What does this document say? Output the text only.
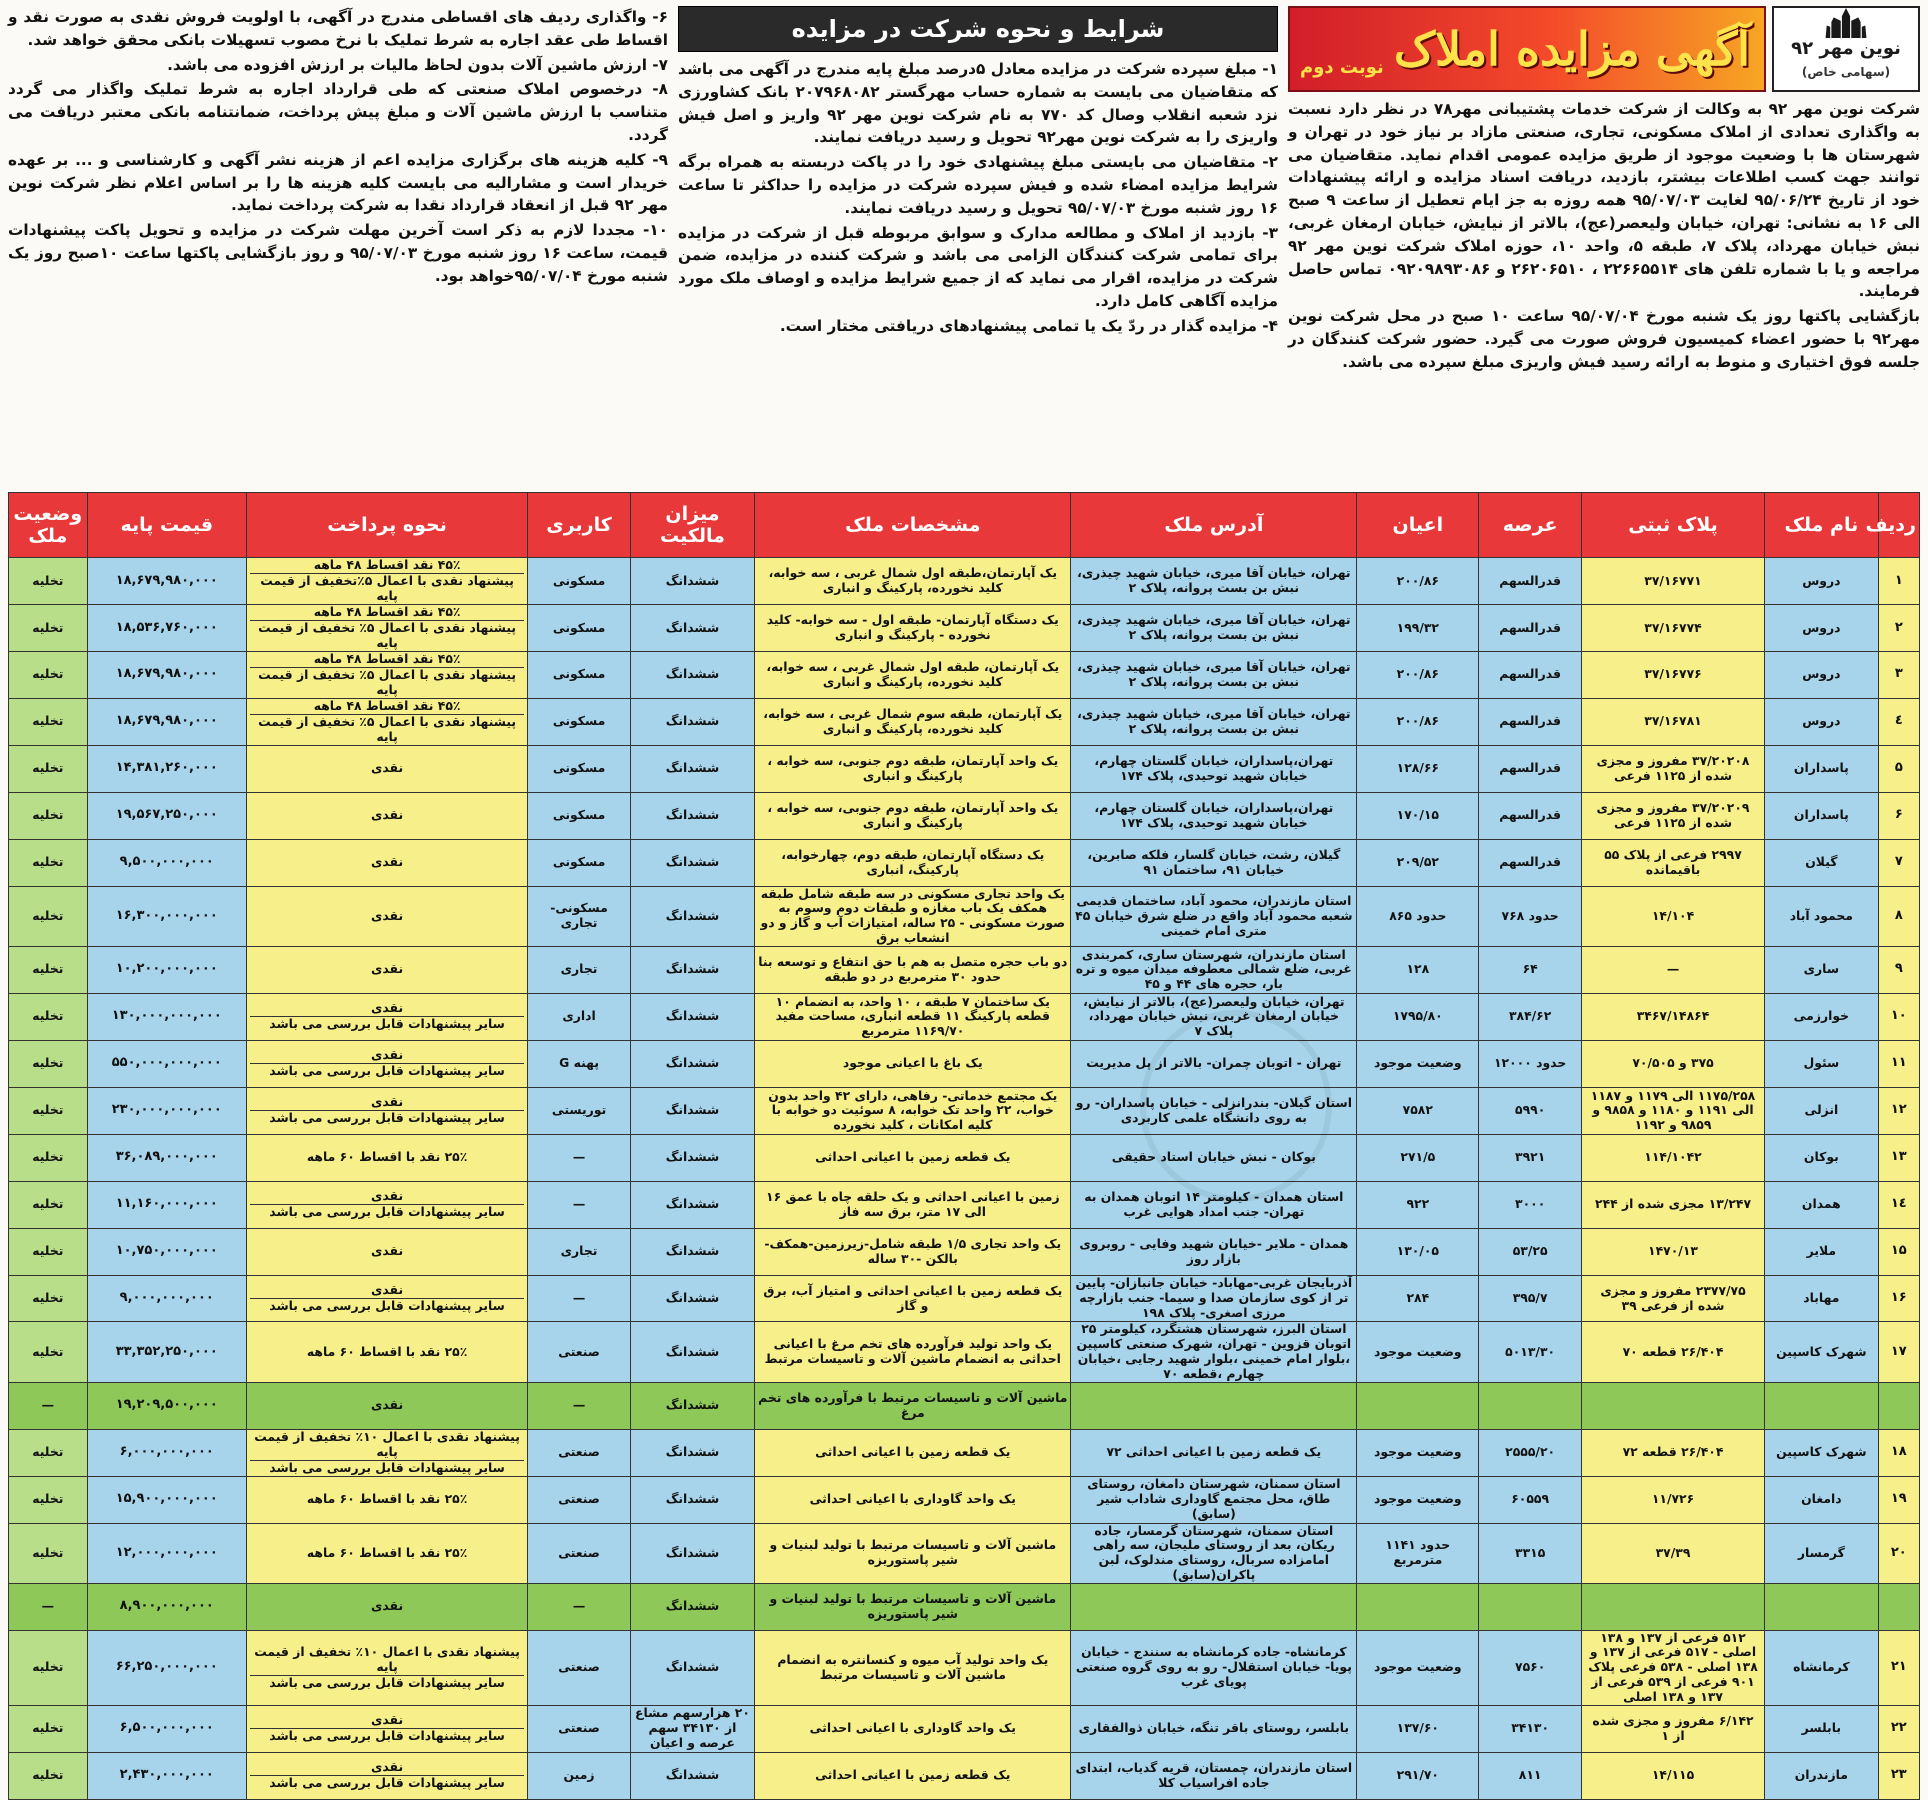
نوین مهر ۹۲
(سهامی خاص)
آگهی مزایده املاک
نوبت دوم

شرکت نوین مهر ۹۲ به وکالت از شرکت خدمات پشتیبانی مهر۷۸ در نظر دارد نسبت به واگذاری تعدادی از املاک مسکونی، تجاری، صنعتی مازاد بر نیاز خود در تهران و شهرستان ها با وضعیت موجود از طریق مزایده عمومی اقدام نماید. متقاضیان می توانند جهت کسب اطلاعات بیشتر، بازدید، دریافت اسناد مزایده و ارائه پیشنهادات خود از تاریخ ۹۵/۰۶/۲۴ لغایت ۹۵/۰۷/۰۳ همه روزه به جز ایام تعطیل از ساعت ۹ صبح الی ۱۶ به نشانی: تهران، خیابان ولیعصر(عج)، بالاتر از نیایش، خیابان ارمغان غربی، نبش خیابان مهرداد، پلاک ۷، طبقه ۵، واحد ۱۰، حوزه املاک شرکت نوین مهر ۹۲ مراجعه و یا با شماره تلفن های ۲۲۶۶۵۵۱۴ ، ۲۶۲۰۶۵۱۰ و ۰۹۲۰۹۸۹۳۰۸۶ تماس حاصل فرمایند.

بازگشایی پاکتها روز یک شنبه مورخ ۹۵/۰۷/۰۴ ساعت ۱۰ صبح در محل شرکت نوین مهر۹۲ با حضور اعضاء کمیسیون فروش صورت می گیرد. حضور شرکت کنندگان در جلسه فوق اختیاری و منوط به ارائه رسید فیش واریزی مبلغ سپرده می باشد.

شرایط و نحوه شرکت در مزایده

۱- مبلغ سپرده شرکت در مزایده معادل ۵درصد مبلغ پایه مندرج در آگهی می باشد که متقاضیان می بایست به شماره حساب مهرگستر ۲۰۷۹۶۸۰۸۲ بانک کشاورزی نزد شعبه انقلاب وصال کد ۷۷۰ به نام شرکت نوین مهر ۹۲ واریز و اصل فیش واریزی را به شرکت نوین مهر۹۲ تحویل و رسید دریافت نمایند.

۲- متقاضیان می بایستی مبلغ پیشنهادی خود را در پاکت دربسته به همراه برگه شرایط مزایده امضاء شده و فیش سپرده شرکت در مزایده را حداکثر تا ساعت ۱۶ روز شنبه مورخ ۹۵/۰۷/۰۳ تحویل و رسید دریافت نمایند.

۳- بازدید از املاک و مطالعه مدارک و سوابق مربوطه قبل از شرکت در مزایده برای تمامی شرکت کنندگان الزامی می باشد و شرکت کننده در مزایده، ضمن شرکت در مزایده، اقرار می نماید که از جمیع شرایط مزایده و اوصاف ملک مورد مزایده آگاهی کامل دارد.

۴- مزایده گذار در ردّ یک یا تمامی پیشنهادهای دریافتی مختار است.

۶- واگذاری ردیف های اقساطی مندرج در آگهی، با اولویت فروش نقدی به صورت نقد و اقساط طی عقد اجاره به شرط تملیک با نرخ مصوب تسهیلات بانکی محقق خواهد شد.

۷- ارزش ماشین آلات بدون لحاظ مالیات بر ارزش افزوده می باشد.

۸- درخصوص املاک صنعتی که طی قرارداد اجاره به شرط تملیک واگذار می گردد متناسب با ارزش ماشین آلات و مبلغ پیش پرداخت، ضمانتنامه بانکی معتبر دریافت می گردد.

۹- کلیه هزینه های برگزاری مزایده اعم از هزینه نشر آگهی و کارشناسی و ... بر عهده خریدار است و مشارالیه می بایست کلیه هزینه ها را بر اساس اعلام نظر شرکت نوین مهر ۹۲ قبل از انعقاد قرارداد نقدا به شرکت پرداخت نماید.

۱۰- مجددا لازم به ذکر است آخرین مهلت شرکت در مزایده و تحویل پاکت پیشنهادات قیمت، ساعت ۱۶ روز شنبه مورخ ۹۵/۰۷/۰۳ و روز بازگشایی پاکتها ساعت ۱۰صبح روز یک شنبه مورخ ۹۵/۰۷/۰۴خواهد بود.

ردیف	نام ملک	پلاک ثبتی	عرصه	اعیان	آدرس ملک	مشخصات ملک	میزان مالکیت	کاربری	نحوه پرداخت	قیمت پایه	وضعیت ملک
۱	دروس	۳۷/۱۶۷۷۱	قدرالسهم	۲۰۰/۸۶	تهران، خیابان آقا میری، خیابان شهید چیذری، نبش بن بست پروانه، پلاک ۲	یک آپارتمان،طبقه اول شمال غربی ، سه خوابه، کلید نخورده، پارکینگ و انباری	ششدانگ	مسکونی	۴۵٪ نقد اقساط ۴۸ ماهه
پیشنهاد نقدی با اعمال ۵٪تخفیف از قیمت پایه	۱۸,۶۷۹,۹۸۰,۰۰۰	تخلیه
۲	دروس	۳۷/۱۶۷۷۴	قدرالسهم	۱۹۹/۳۲	تهران، خیابان آقا میری، خیابان شهید چیذری، نبش بن بست پروانه، پلاک ۲	یک دستگاه آپارتمان- طبقه اول - سه خوابه- کلید نخورده - پارکینگ و انباری	ششدانگ	مسکونی	۴۵٪ نقد اقساط ۴۸ ماهه
پیشنهاد نقدی با اعمال ۵٪ تخفیف از قیمت پایه	۱۸,۵۳۶,۷۶۰,۰۰۰	تخلیه
۳	دروس	۳۷/۱۶۷۷۶	قدرالسهم	۲۰۰/۸۶	تهران، خیابان آقا میری، خیابان شهید چیذری، نبش بن بست پروانه، پلاک ۲	یک آپارتمان، طبقه اول شمال غربی ، سه خوابه، کلید نخورده، پارکینگ و انباری	ششدانگ	مسکونی	۴۵٪ نقد اقساط ۴۸ ماهه
پیشنهاد نقدی با اعمال ۵٪ تخفیف از قیمت پایه	۱۸,۶۷۹,۹۸۰,۰۰۰	تخلیه
٤	دروس	۳۷/۱۶۷۸۱	قدرالسهم	۲۰۰/۸۶	تهران، خیابان آقا میری، خیابان شهید چیذری، نبش بن بست پروانه، پلاک ۲	یک آپارتمان، طبقه سوم شمال غربی ، سه خوابه، کلید نخورده، پارکینگ و انباری	ششدانگ	مسکونی	۴۵٪ نقد اقساط ۴۸ ماهه
پیشنهاد نقدی با اعمال ۵٪ تخفیف از قیمت پایه	۱۸,۶۷۹,۹۸۰,۰۰۰	تخلیه
۵	پاسداران	۳۷/۲۰۲۰۸ مفروز و مجزی شده از ۱۱۲۵ فرعی	قدرالسهم	۱۲۸/۶۶	تهران،پاسداران، خیابان گلستان چهارم، خیابان شهید توحیدی، پلاک ۱۷۴	یک واحد آپارتمان، طبقه دوم جنوبی، سه خوابه ، پارکینگ و انباری	ششدانگ	مسکونی	نقدی	۱۴,۳۸۱,۲۶۰,۰۰۰	تخلیه
۶	پاسداران	۳۷/۲۰۲۰۹ مفروز و مجزی شده از ۱۱۲۵ فرعی	قدرالسهم	۱۷۰/۱۵	تهران،پاسداران، خیابان گلستان چهارم، خیابان شهید توحیدی، پلاک ۱۷۴	یک واحد آپارتمان، طبقه دوم جنوبی، سه خوابه ، پارکینگ و انباری	ششدانگ	مسکونی	نقدی	۱۹,۵۶۷,۲۵۰,۰۰۰	تخلیه
۷	گیلان	۲۹۹۷ فرعی از پلاک ۵۵ باقیمانده	قدرالسهم	۲۰۹/۵۲	گیلان، رشت، خیابان گلسار، فلکه صابرین، خیابان ۹۱، ساختمان ۹۱	یک دستگاه آپارتمان، طبقه دوم، چهارخوابه، پارکینگ، انباری	ششدانگ	مسکونی	نقدی	۹,۵۰۰,۰۰۰,۰۰۰	تخلیه
۸	محمود آباد	۱۴/۱۰۴	حدود ۷۶۸	حدود ۸۶۵	استان مازندران، محمود آباد، ساختمان قدیمی شعبه محمود آباد واقع در ضلع شرق خیابان ۴۵ متری امام خمینی	یک واحد تجاری مسکونی در سه طبقه شامل طبقه همکف یک باب مغازه و طبقات دوم وسوم به صورت مسکونی - ۲۵ ساله، امتیازات آب و گاز و دو انشعاب برق	ششدانگ	مسکونی- تجاری	نقدی	۱۶,۳۰۰,۰۰۰,۰۰۰	تخلیه
۹	ساری	—	۶۴	۱۲۸	استان مازندران، شهرستان ساری، کمربندی غربی، ضلع شمالی معطوفه میدان میوه و تره بار، حجره های ۴۴ و ۴۵	دو باب حجره متصل به هم با حق انتفاع و توسعه بنا حدود ۳۰ مترمربع در دو طبقه	ششدانگ	تجاری	نقدی	۱۰,۲۰۰,۰۰۰,۰۰۰	تخلیه
۱۰	خوارزمی	۳۴۶۷/۱۴۸۶۴	۳۸۴/۶۲	۱۷۹۵/۸۰	تهران، خیابان ولیعصر(عج)، بالاتر از نیایش، خیابان ارمغان غربی، نبش خیابان مهرداد، پلاک ۷	یک ساختمان ۷ طبقه ، ۱۰ واحد، به انضمام ۱۰ قطعه پارکینگ ۱۱ قطعه انباری، مساحت مفید ۱۱۶۹/۷۰ مترمربع	ششدانگ	اداری	نقدی
سایر پیشنهادات قابل بررسی می باشد	۱۳۰,۰۰۰,۰۰۰,۰۰۰	تخلیه
۱۱	سئول	۳۷۵ و ۷۰/۵۰۵	حدود ۱۲۰۰۰	وضعیت موجود	تهران - اتوبان چمران- بالاتر از پل مدیریت	یک باغ با اعیانی موجود	ششدانگ	پهنه G	نقدی
سایر پیشنهادات قابل بررسی می باشد	۵۵۰,۰۰۰,۰۰۰,۰۰۰	تخلیه
۱۲	انزلی	۱۱۷۵/۲۵۸ الی ۱۱۷۹ و ۱۱۸۷ الی ۱۱۹۱ و ۱۱۸۰ و ۹۸۵۸ و ۹۸۵۹ و ۱۱۹۲	۵۹۹۰	۷۵۸۲	استان گیلان- بندرانزلی - خیابان پاسداران- رو به روی دانشگاه علمی کاربردی	یک مجتمع خدماتی- رفاهی، دارای ۴۲ واحد بدون خواب، ۲۲ واحد تک خوابه، ۸ سوئیت دو خوابه با کلیه امکانات ، کلید نخورده	ششدانگ	توریستی	نقدی
سایر پیشنهادات قابل بررسی می باشد	۲۳۰,۰۰۰,۰۰۰,۰۰۰	تخلیه
۱۳	بوکان	۱۱۴/۱۰۴۲	۳۹۲۱	۲۷۱/۵	بوکان - نبش خیابان استاد حقیقی	یک قطعه زمین با اعیانی احداثی	ششدانگ	—	۲۵٪ نقد با اقساط ۶۰ ماهه	۳۶,۰۸۹,۰۰۰,۰۰۰	تخلیه
۱٤	همدان	۱۳/۲۴۷ مجزی شده از ۲۴۴	۳۰۰۰	۹۲۲	استان همدان - کیلومتر ۱۴ اتوبان همدان به تهران- جنب امداد هوایی غرب	زمین با اعیانی احداثی و یک حلقه چاه با عمق ۱۶ الی ۱۷ متر، برق سه فاز	ششدانگ	—	نقدی
سایر پیشنهادات قابل بررسی می باشد	۱۱,۱۶۰,۰۰۰,۰۰۰	تخلیه
۱۵	ملایر	۱۴۷۰/۱۳	۵۳/۲۵	۱۳۰/۰۵	همدان - ملایر -خیابان شهید وفایی - روبروی بازار روز	یک واحد تجاری ۱/۵ طبقه شامل-زیرزمین-همکف-بالکن -۳۰ ساله	ششدانگ	تجاری	نقدی	۱۰,۷۵۰,۰۰۰,۰۰۰	تخلیه
۱۶	مهاباد	۲۳۷۷/۷۵ مفروز و مجزی شده از فرعی ۳۹	۳۹۵/۷	۲۸۴	آذربایجان غربی-مهاباد- خیابان جانبازان- پایین تر از کوی سازمان صدا و سیما- جنب بازارچه مرزی اصغری- پلاک ۱۹۸	یک قطعه زمین با اعیانی احداثی و امتیاز آب، برق و گاز	ششدانگ	—	نقدی
سایر پیشنهادات قابل بررسی می باشد	۹,۰۰۰,۰۰۰,۰۰۰	تخلیه
۱۷	شهرک کاسپین	۲۶/۴۰۴ قطعه ۷۰	۵۰۱۳/۳۰	وضعیت موجود	استان البرز، شهرستان هشتگرد، کیلومتر ۲۵ اتوبان قزوین - تهران، شهرک صنعتی کاسپین ،بلوار امام خمینی ،بلوار شهید رجایی ،خیابان چهارم ،قطعه ۷۰	یک واحد تولید فرآورده های تخم مرغ با اعیانی احداثی به انضمام ماشین آلات و تاسیسات مرتبط	ششدانگ	صنعتی	۲۵٪ نقد با اقساط ۶۰ ماهه	۳۳,۳۵۲,۲۵۰,۰۰۰	تخلیه
						ماشین آلات و تاسیسات مرتبط با فرآورده های تخم مرغ	ششدانگ	—	نقدی	۱۹,۲۰۹,۵۰۰,۰۰۰	—
۱۸	شهرک کاسپین	۲۶/۴۰۴ قطعه ۷۲	۲۵۵۵/۲۰	وضعیت موجود	یک قطعه زمین با اعیانی احداثی ۷۲	یک قطعه زمین با اعیانی احداثی	ششدانگ	صنعتی	پیشنهاد نقدی با اعمال ۱۰٪ تخفیف از قیمت پایه
سایر پیشنهادات قابل بررسی می باشد	۶,۰۰۰,۰۰۰,۰۰۰	تخلیه
۱۹	دامغان	۱۱/۷۲۶	۶۰۵۵۹	وضعیت موجود	استان سمنان، شهرستان دامغان، روستای طاق، محل مجتمع گاوداری شاداب شیر (سابق)	یک واحد گاوداری با اعیانی احداثی	ششدانگ	صنعتی	۲۵٪ نقد با اقساط ۶۰ ماهه	۱۵,۹۰۰,۰۰۰,۰۰۰	تخلیه
۲۰	گرمسار	۳۷/۳۹	۳۳۱۵	حدود ۱۱۴۱ مترمربع	استان سمنان، شهرستان گرمسار، جاده ریکان، بعد از روستای ملیجان، سه راهی امامزاده سربال، روستای مندلوک، لبن پاکران(سابق)	ماشین آلات و تاسیسات مرتبط با تولید لبنیات و شیر پاستوریزه	ششدانگ	صنعتی	۲۵٪ نقد با اقساط ۶۰ ماهه	۱۲,۰۰۰,۰۰۰,۰۰۰	تخلیه
						ماشین آلات و تاسیسات مرتبط با تولید لبنیات و شیر پاستوریزه	ششدانگ	—	نقدی	۸,۹۰۰,۰۰۰,۰۰۰	—
۲۱	کرمانشاه	۵۱۲ فرعی از ۱۳۷ و ۱۳۸ اصلی - ۵۱۷ فرعی از ۱۳۷ و ۱۳۸ اصلی - ۵۳۸ فرعی پلاک ۹۰۱ فرعی از ۵۳۹ فرعی از ۱۳۷ و ۱۳۸ اصلی	۷۵۶۰	وضعیت موجود	کرمانشاه- جاده کرمانشاه به سنندج - خیابان پویا- خیابان استقلال- رو به روی گروه صنعتی پویای غرب	یک واحد تولید آب میوه و کنسانتره به انضمام ماشین آلات و تاسیسات مرتبط	ششدانگ	صنعتی	پیشنهاد نقدی با اعمال ۱۰٪ تخفیف از قیمت پایه
سایر پیشنهادات قابل بررسی می باشد	۶۶,۲۵۰,۰۰۰,۰۰۰	تخلیه
۲۲	بابلسر	۶/۱۴۲ مفروز و مجزی شده از ۱	۳۴۱۳۰	۱۳۷/۶۰	بابلسر، روستای باقر تنگه، خیابان ذوالفقاری	یک واحد گاوداری با اعیانی احداثی	۲۰ هزارسهم مشاع از ۳۴۱۳۰ سهم عرصه و اعیان	صنعتی	نقدی
سایر پیشنهادات قابل بررسی می باشد	۶,۵۰۰,۰۰۰,۰۰۰	تخلیه
۲۳	مازندران	۱۴/۱۱۵	۸۱۱	۲۹۱/۷۰	استان مازندران، چمستان، قریه گدیاب، ابتدای جاده افراسیاب کلا	یک قطعه زمین با اعیانی احداثی	ششدانگ	زمین	نقدی
سایر پیشنهادات قابل بررسی می باشد	۲,۴۳۰,۰۰۰,۰۰۰	تخلیه
